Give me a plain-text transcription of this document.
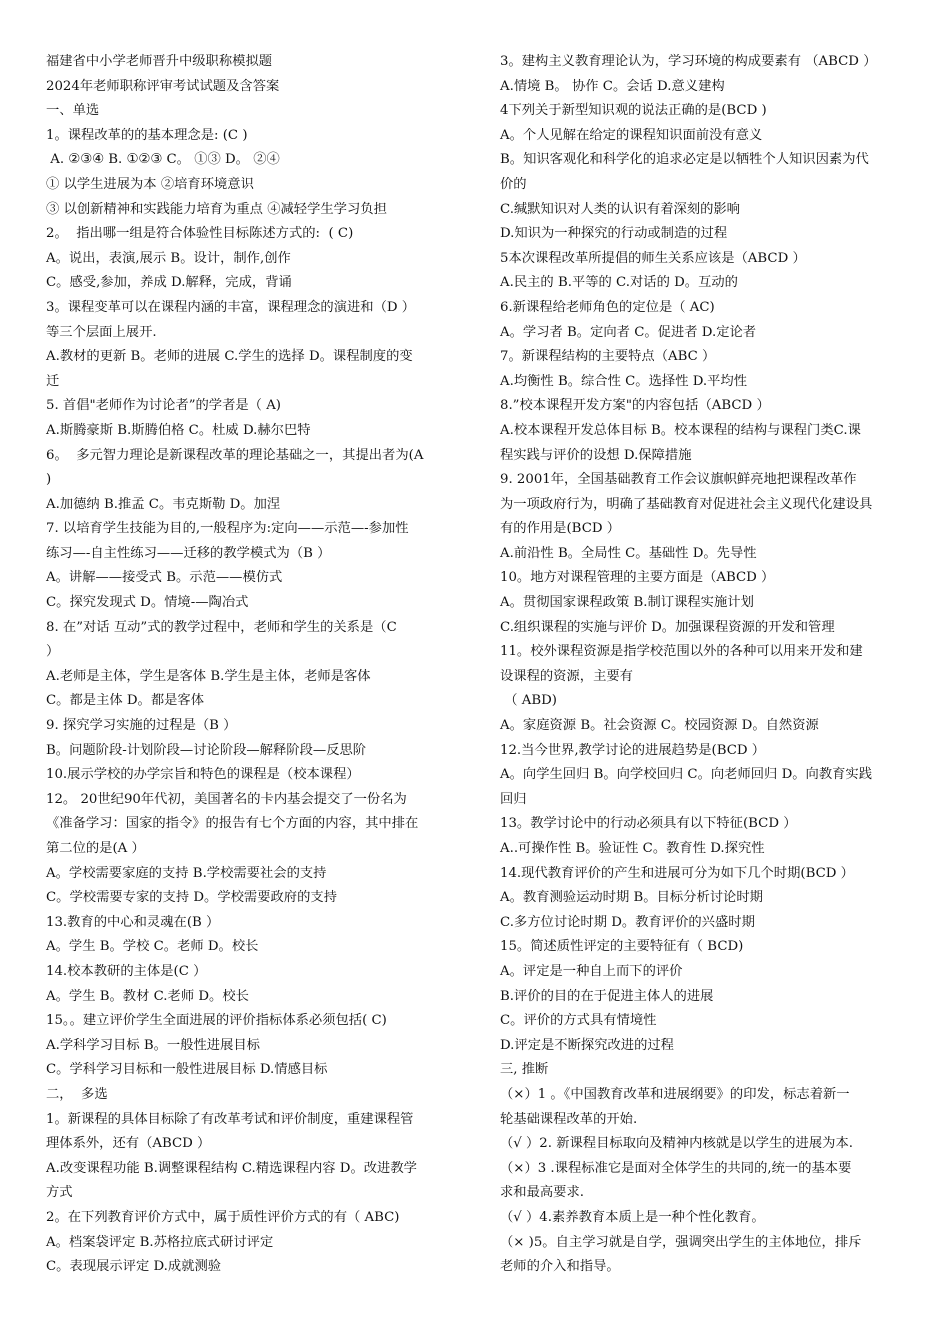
福建省中小学老师晋升中级职称模拟题
2024年老师职称评审考试试题及含答案
一、单选
1。课程改革的的基本理念是: (C )
A. ②③④ B. ①②③ C。 ①③ D。 ②④
① 以学生进展为本 ②培育环境意识
③ 以创新精神和实践能力培育为重点 ④减轻学生学习负担
2。  指出哪一组是符合体验性目标陈述方式的:  ( C)
A。说出，表演,展示 B。设计，制作,创作
C。感受,参加，养成 D.解释，完成，背诵
3。课程变革可以在课程内涵的丰富，课程理念的演进和（D ）
等三个层面上展开.
A.教材的更新 B。老师的进展 C.学生的选择 D。课程制度的变
迁
5. 首倡"老师作为讨论者”的学者是（ A)
A.斯腾豪斯 B.斯腾伯格 C。杜威 D.赫尔巴特
6。  多元智力理论是新课程改革的理论基础之一，其提出者为(A
)
A.加德纳 B.推孟 C。韦克斯勒 D。加涅
7. 以培育学生技能为目的,一般程序为:定向——示范—-参加性
练习—-自主性练习——迁移的教学模式为（B ）
A。讲解——接受式 B。示范——模仿式
C。探究发现式 D。情境-—陶冶式
8. 在”对话 互动”式的教学过程中，老师和学生的关系是（C
）
A.老师是主体，学生是客体 B.学生是主体，老师是客体
C。都是主体 D。都是客体
9. 探究学习实施的过程是（B ）
B。问题阶段-计划阶段—讨论阶段—解释阶段—反思阶
10.展示学校的办学宗旨和特色的课程是（校本课程）
12。 20世纪90年代初，美国著名的卡内基会提交了一份名为
《准备学习：国家的指令》的报告有七个方面的内容，其中排在
第二位的是(A ）
A。学校需要家庭的支持 B.学校需要社会的支持
C。学校需要专家的支持 D。学校需要政府的支持
13.教育的中心和灵魂在(B ）
A。学生 B。学校 C。老师 D。校长
14.校本教研的主体是(C ）
A。学生 B。教材 C.老师 D。校长
15。。建立评价学生全面进展的评价指标体系必须包括( C)
A.学科学习目标 B。一般性进展目标
C。学科学习目标和一般性进展目标 D.情感目标
二，  多选
1。新课程的具体目标除了有改革考试和评价制度，重建课程管
理体系外，还有（ABCD ）
A.改变课程功能 B.调整课程结构 C.精选课程内容 D。改进教学
方式
2。在下列教育评价方式中，属于质性评价方式的有（ ABC)
A。档案袋评定 B.苏格拉底式研讨评定
C。表现展示评定 D.成就测验
3。建构主义教育理论认为，学习环境的构成要素有 （ABCD ）
A.情境 B。 协作 C。会话 D.意义建构
4下列关于新型知识观的说法正确的是(BCD )
A。个人见解在给定的课程知识面前没有意义
B。知识客观化和科学化的追求必定是以牺牲个人知识因素为代
价的
C.缄默知识对人类的认识有着深刻的影响
D.知识为一种探究的行动或制造的过程
5本次课程改革所提倡的师生关系应该是（ABCD ）
A.民主的 B.平等的 C.对话的 D。互动的
6.新课程给老师角色的定位是（ AC)
A。学习者 B。定向者 C。促进者 D.定论者
7。新课程结构的主要特点（ABC ）
A.均衡性 B。综合性 C。选择性 D.平均性
8.”校本课程开发方案"的内容包括（ABCD ）
A.校本课程开发总体目标 B。校本课程的结构与课程门类C.课
程实践与评价的设想 D.保障措施
9. 2001年，全国基础教育工作会议旗帜鲜亮地把课程改革作
为一项政府行为，明确了基础教育对促进社会主义现代化建设具
有的作用是(BCD ）
A.前沿性 B。全局性 C。基础性 D。先导性
10。地方对课程管理的主要方面是（ABCD ）
A。贯彻国家课程政策 B.制订课程实施计划
C.组织课程的实施与评价 D。加强课程资源的开发和管理
11。校外课程资源是指学校范围以外的各种可以用来开发和建
设课程的资源，主要有
（ ABD)
A。家庭资源 B。社会资源 C。校园资源 D。自然资源
12.当今世界,教学讨论的进展趋势是(BCD ）
A。向学生回归 B。向学校回归 C。向老师回归 D。向教育实践
回归
13。教学讨论中的行动必须具有以下特征(BCD ）
A..可操作性 B。验证性 C。教育性 D.探究性
14.现代教育评价的产生和进展可分为如下几个时期(BCD ）
A。教育测验运动时期 B。目标分析讨论时期
C.多方位讨论时期 D。教育评价的兴盛时期
15。简述质性评定的主要特征有（ BCD)
A。评定是一种自上而下的评价
B.评价的目的在于促进主体人的进展
C。评价的方式具有情境性
D.评定是不断探究改进的过程
三, 推断
（×）1 。《中国教育改革和进展纲要》的印发，标志着新一
轮基础课程改革的开始.
（√ ）2. 新课程目标取向及精神内核就是以学生的进展为本.
（×）3 .课程标准它是面对全体学生的共同的,统一的基本要
求和最高要求.
（√ ）4.素养教育本质上是一种个性化教育。
（× )5。自主学习就是自学，强调突出学生的主体地位，排斥
老师的介入和指导。
